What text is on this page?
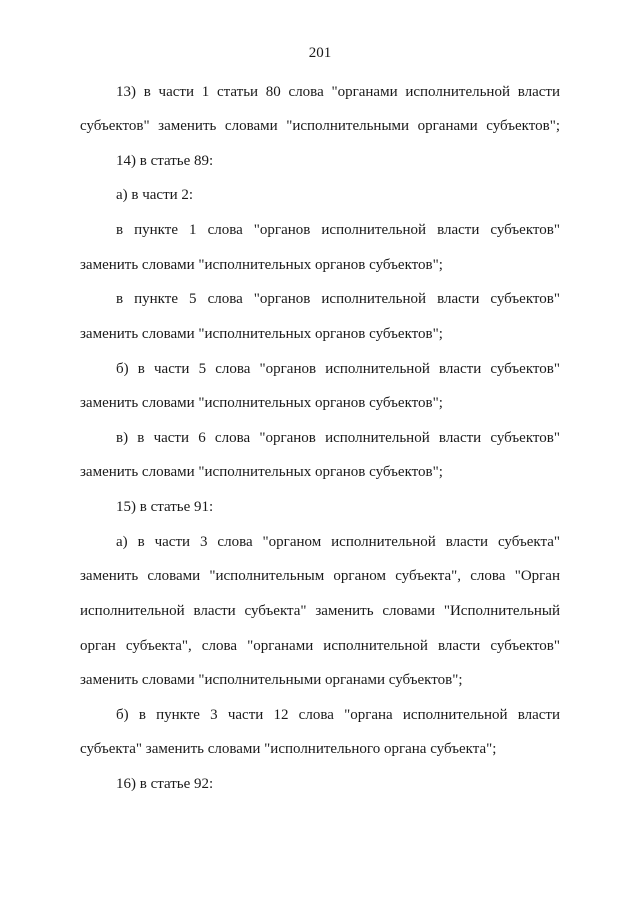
201
13) в части 1 статьи 80 слова "органами исполнительной власти
субъектов" заменить словами "исполнительными органами субъектов";
14) в статье 89:
а) в части 2:
в пункте 1 слова "органов исполнительной власти субъектов"
заменить словами "исполнительных органов субъектов";
в пункте 5 слова "органов исполнительной власти субъектов"
заменить словами "исполнительных органов субъектов";
б) в части 5 слова "органов исполнительной власти субъектов"
заменить словами "исполнительных органов субъектов";
в) в части 6 слова "органов исполнительной власти субъектов"
заменить словами "исполнительных органов субъектов";
15) в статье 91:
а) в части 3 слова "органом исполнительной власти субъекта"
заменить словами "исполнительным органом субъекта", слова "Орган
исполнительной власти субъекта" заменить словами "Исполнительный
орган субъекта", слова "органами исполнительной власти субъектов"
заменить словами "исполнительными органами субъектов";
б) в пункте 3 части 12 слова "органа исполнительной власти
субъекта" заменить словами "исполнительного органа субъекта";
16) в статье 92:
